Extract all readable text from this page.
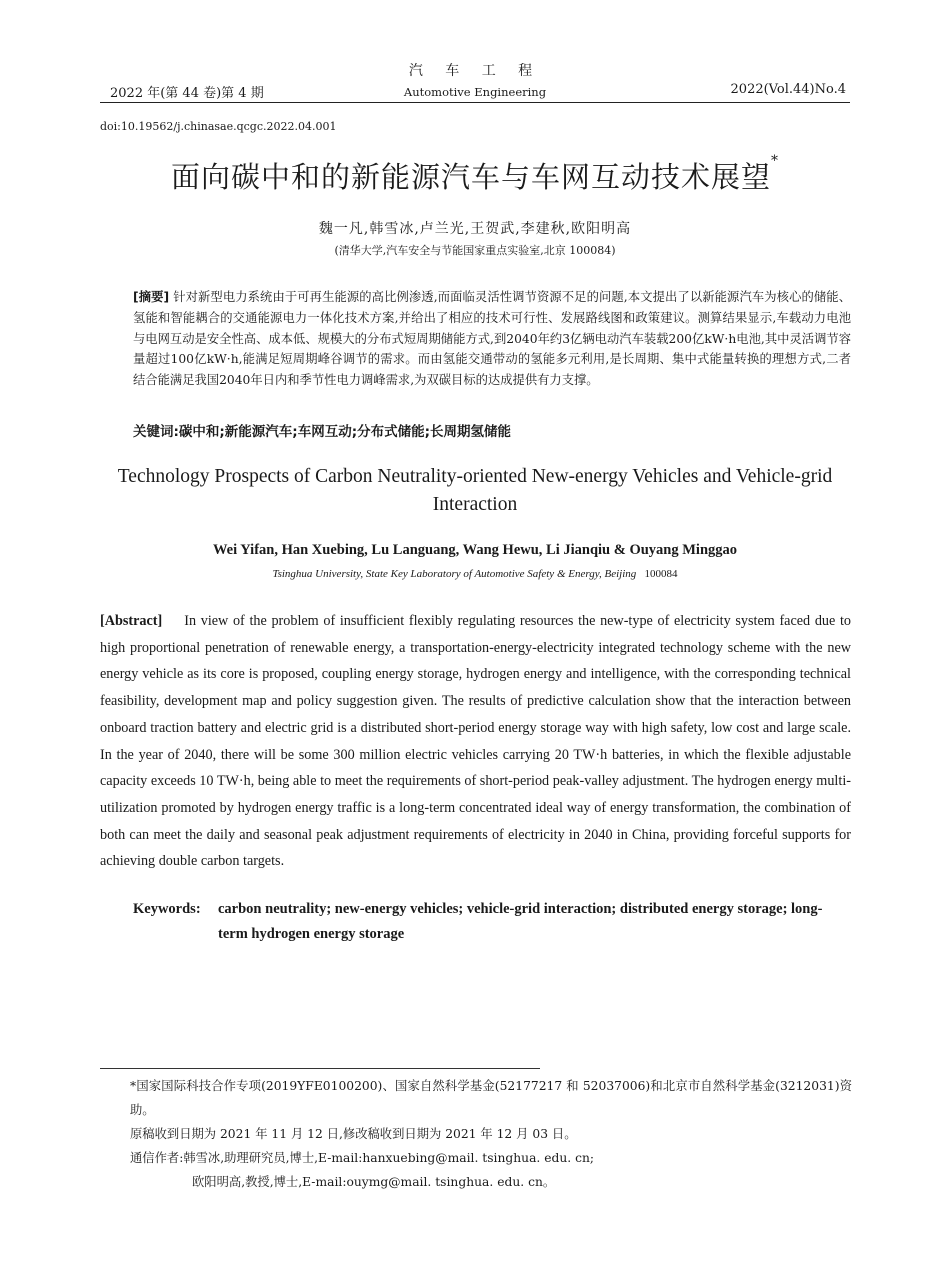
汽 车 工 程
2022 年(第 44 卷)第 4 期	Automotive Engineering	2022(Vol.44)No.4
doi:10.19562/j.chinasae.qcgc.2022.04.001
面向碳中和的新能源汽车与车网互动技术展望*
魏一凡,韩雪冰,卢兰光,王贺武,李建秋,欧阳明高
(清华大学,汽车安全与节能国家重点实验室,北京 100084)
[摘要] 针对新型电力系统由于可再生能源的高比例渗透,而面临灵活性调节资源不足的问题,本文提出了以新能源汽车为核心的储能、氢能和智能耦合的交通能源电力一体化技术方案,并给出了相应的技术可行性、发展路线图和政策建议。测算结果显示,车载动力电池与电网互动是安全性高、成本低、规模大的分布式短周期储能方式,到2040年约3亿辆电动汽车装载200亿kW·h电池,其中灵活调节容量超过100亿kW·h,能满足短周期峰谷调节的需求。而由氢能交通带动的氢能多元利用,是长周期、集中式能量转换的理想方式,二者结合能满足我国2040年日内和季节性电力调峰需求,为双碳目标的达成提供有力支撑。
关键词:碳中和;新能源汽车;车网互动;分布式储能;长周期氢储能
Technology Prospects of Carbon Neutrality-oriented New-energy Vehicles and Vehicle-grid Interaction
Wei Yifan, Han Xuebing, Lu Languang, Wang Hewu, Li Jianqiu & Ouyang Minggao
Tsinghua University, State Key Laboratory of Automotive Safety & Energy, Beijing 100084
[Abstract] In view of the problem of insufficient flexibly regulating resources the new-type of electricity system faced due to high proportional penetration of renewable energy, a transportation-energy-electricity integrated technology scheme with the new energy vehicle as its core is proposed, coupling energy storage, hydrogen energy and intelligence, with the corresponding technical feasibility, development map and policy suggestion given. The results of predictive calculation show that the interaction between onboard traction battery and electric grid is a distributed short-period energy storage way with high safety, low cost and large scale. In the year of 2040, there will be some 300 million electric vehicles carrying 20 TW·h batteries, in which the flexible adjustable capacity exceeds 10 TW·h, being able to meet the requirements of short-period peak-valley adjustment. The hydrogen energy multi-utilization promoted by hydrogen energy traffic is a long-term concentrated ideal way of energy transformation, the combination of both can meet the daily and seasonal peak adjustment requirements of electricity in 2040 in China, providing forceful supports for achieving double carbon targets.
Keywords: carbon neutrality; new-energy vehicles; vehicle-grid interaction; distributed energy storage; long-term hydrogen energy storage
*国家国际科技合作专项(2019YFE0100200)、国家自然科学基金(52177217 和 52037006)和北京市自然科学基金(3212031)资助。
原稿收到日期为 2021 年 11 月 12 日,修改稿收到日期为 2021 年 12 月 03 日。
通信作者:韩雪冰,助理研究员,博士,E-mail:hanxuebing@mail. tsinghua. edu. cn;
欧阳明高,教授,博士,E-mail:ouymg@mail. tsinghua. edu. cn。
